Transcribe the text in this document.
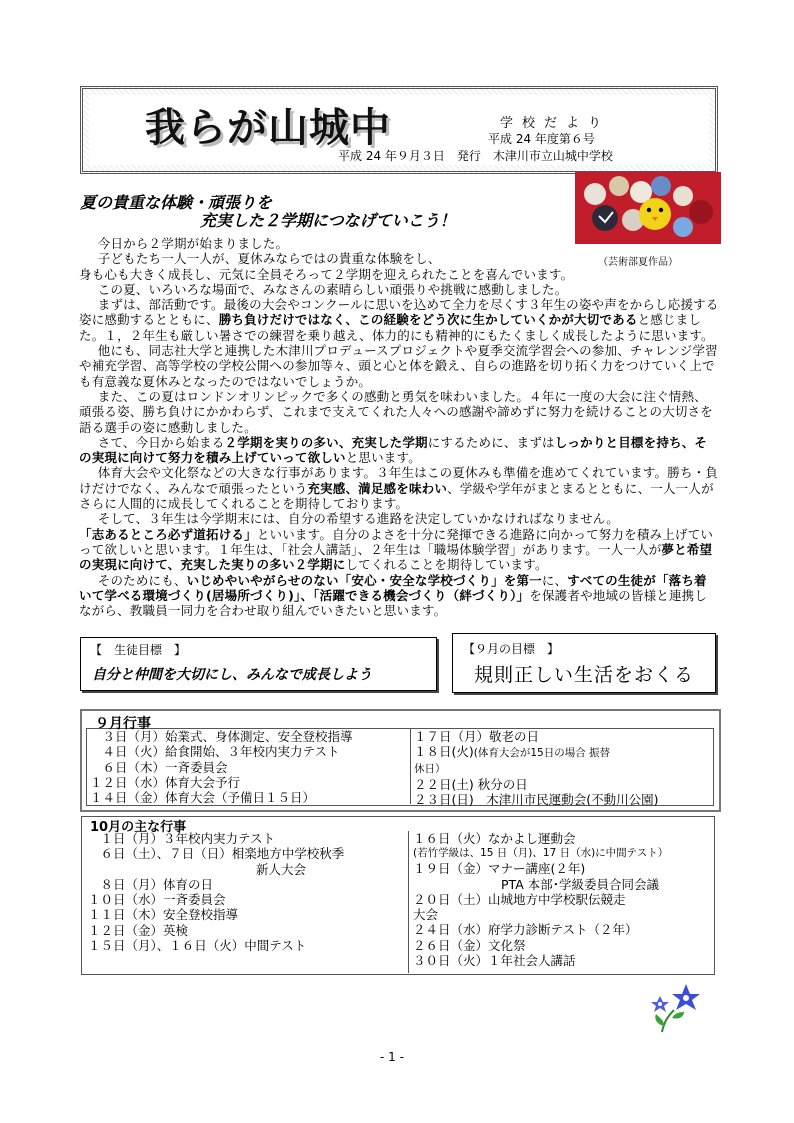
我らが山城中	学校だより
平成 24 年度第６号
平成 24 年９月３日　発行　木津川市立山城中学校
夏の貴重な体験・頑張りを
充実した２学期につなげていこう！
（芸術部夏作品）

今日から２学期が始まりました。

子どもたち一人一人が、夏休みならではの貴重な体験をし、

身も心も大きく成長し、元気に全員そろって２学期を迎えられたことを喜んでいます。

この夏、いろいろな場面で、みなさんの素晴らしい頑張りや挑戦に感動しました。

まずは、部活動です。最後の大会やコンクールに思いを込めて全力を尽くす３年生の姿や声をからし応援する姿に感動するとともに、勝ち負けだけではなく、この経験をどう次に生かしていくかが大切であると感じました。１，２年生も厳しい暑さでの練習を乗り越え、体力的にも精神的にもたくましく成長したように思います。

他にも、同志社大学と連携した木津川プロデュースプロジェクトや夏季交流学習会への参加、チャレンジ学習や補充学習、高等学校の学校公開への参加等々、頭と心と体を鍛え、自らの進路を切り拓く力をつけていく上でも有意義な夏休みとなったのではないでしょうか。

また、この夏はロンドンオリンピックで多くの感動と勇気を味わいました。４年に一度の大会に注ぐ情熱、頑張る姿、勝ち負けにかかわらず、これまで支えてくれた人々への感謝や諦めずに努力を続けることの大切さを語る選手の姿に感動しました。

さて、今日から始まる２学期を実りの多い、充実した学期にするために、まずはしっかりと目標を持ち、その実現に向けて努力を積み上げていって欲しいと思います。

体育大会や文化祭などの大きな行事があります。３年生はこの夏休みも準備を進めてくれています。勝ち・負けだけでなく、みんなで頑張ったという充実感、満足感を味わい、学級や学年がまとまるとともに、一人一人がさらに人間的に成長してくれることを期待しております。

そして、３年生は今学期末には、自分の希望する進路を決定していかなければなりません。

「志あるところ必ず道拓ける」といいます。自分のよさを十分に発揮できる進路に向かって努力を積み上げていって欲しいと思います。１年生は、「社会人講話」、２年生は「職場体験学習」があります。一人一人が夢と希望の実現に向けて、充実した実りの多い２学期にしてくれることを期待しています。

そのためにも、いじめやいやがらせのない「安心・安全な学校づくり」を第一に、すべての生徒が「落ち着いて学べる環境づくり(居場所づくり)」、「活躍できる機会づくり（絆づくり）」を保護者や地域の皆様と連携しながら、教職員一同力を合わせ取り組んでいきたいと思います。

【　生徒目標　】
自分と仲間を大切にし、みんなで成長しよう
【９月の目標　】
規則正しい生活をおくる
９月行事
　３日（月）始業式、身体測定、安全登校指導
　４日（火）給食開始、３年校内実力テスト
　６日（木）一斉委員会
１２日（水）体育大会予行
１４日（金）体育大会（予備日１５日）
１７日（月）敬老の日
１８日(火)(体育大会が15日の場合 振替
休日）
２２日(土) 秋分の日
２３日(日)　木津川市民運動会(不動川公園)
10月の主な行事
　１日（月）３年校内実力テスト
　６日（土）、７日（日）相楽地方中学校秋季
新人大会
　８日（月）体育の日
１０日（水）一斉委員会
１１日（木）安全登校指導
１２日（金）英検
１５日（月）、１６日（火）中間テスト
１６日（火）なかよし運動会
(若竹学級は、15 日（月)、17 日（水)に中間テスト）
１９日（金）マナー講座(２年)
PTA 本部･学級委員合同会議
２０日（土）山城地方中学校駅伝競走
大会
２４日（水）府学力診断テスト（２年）
２６日（金）文化祭
３０日（火）１年社会人講話
- 1 -
